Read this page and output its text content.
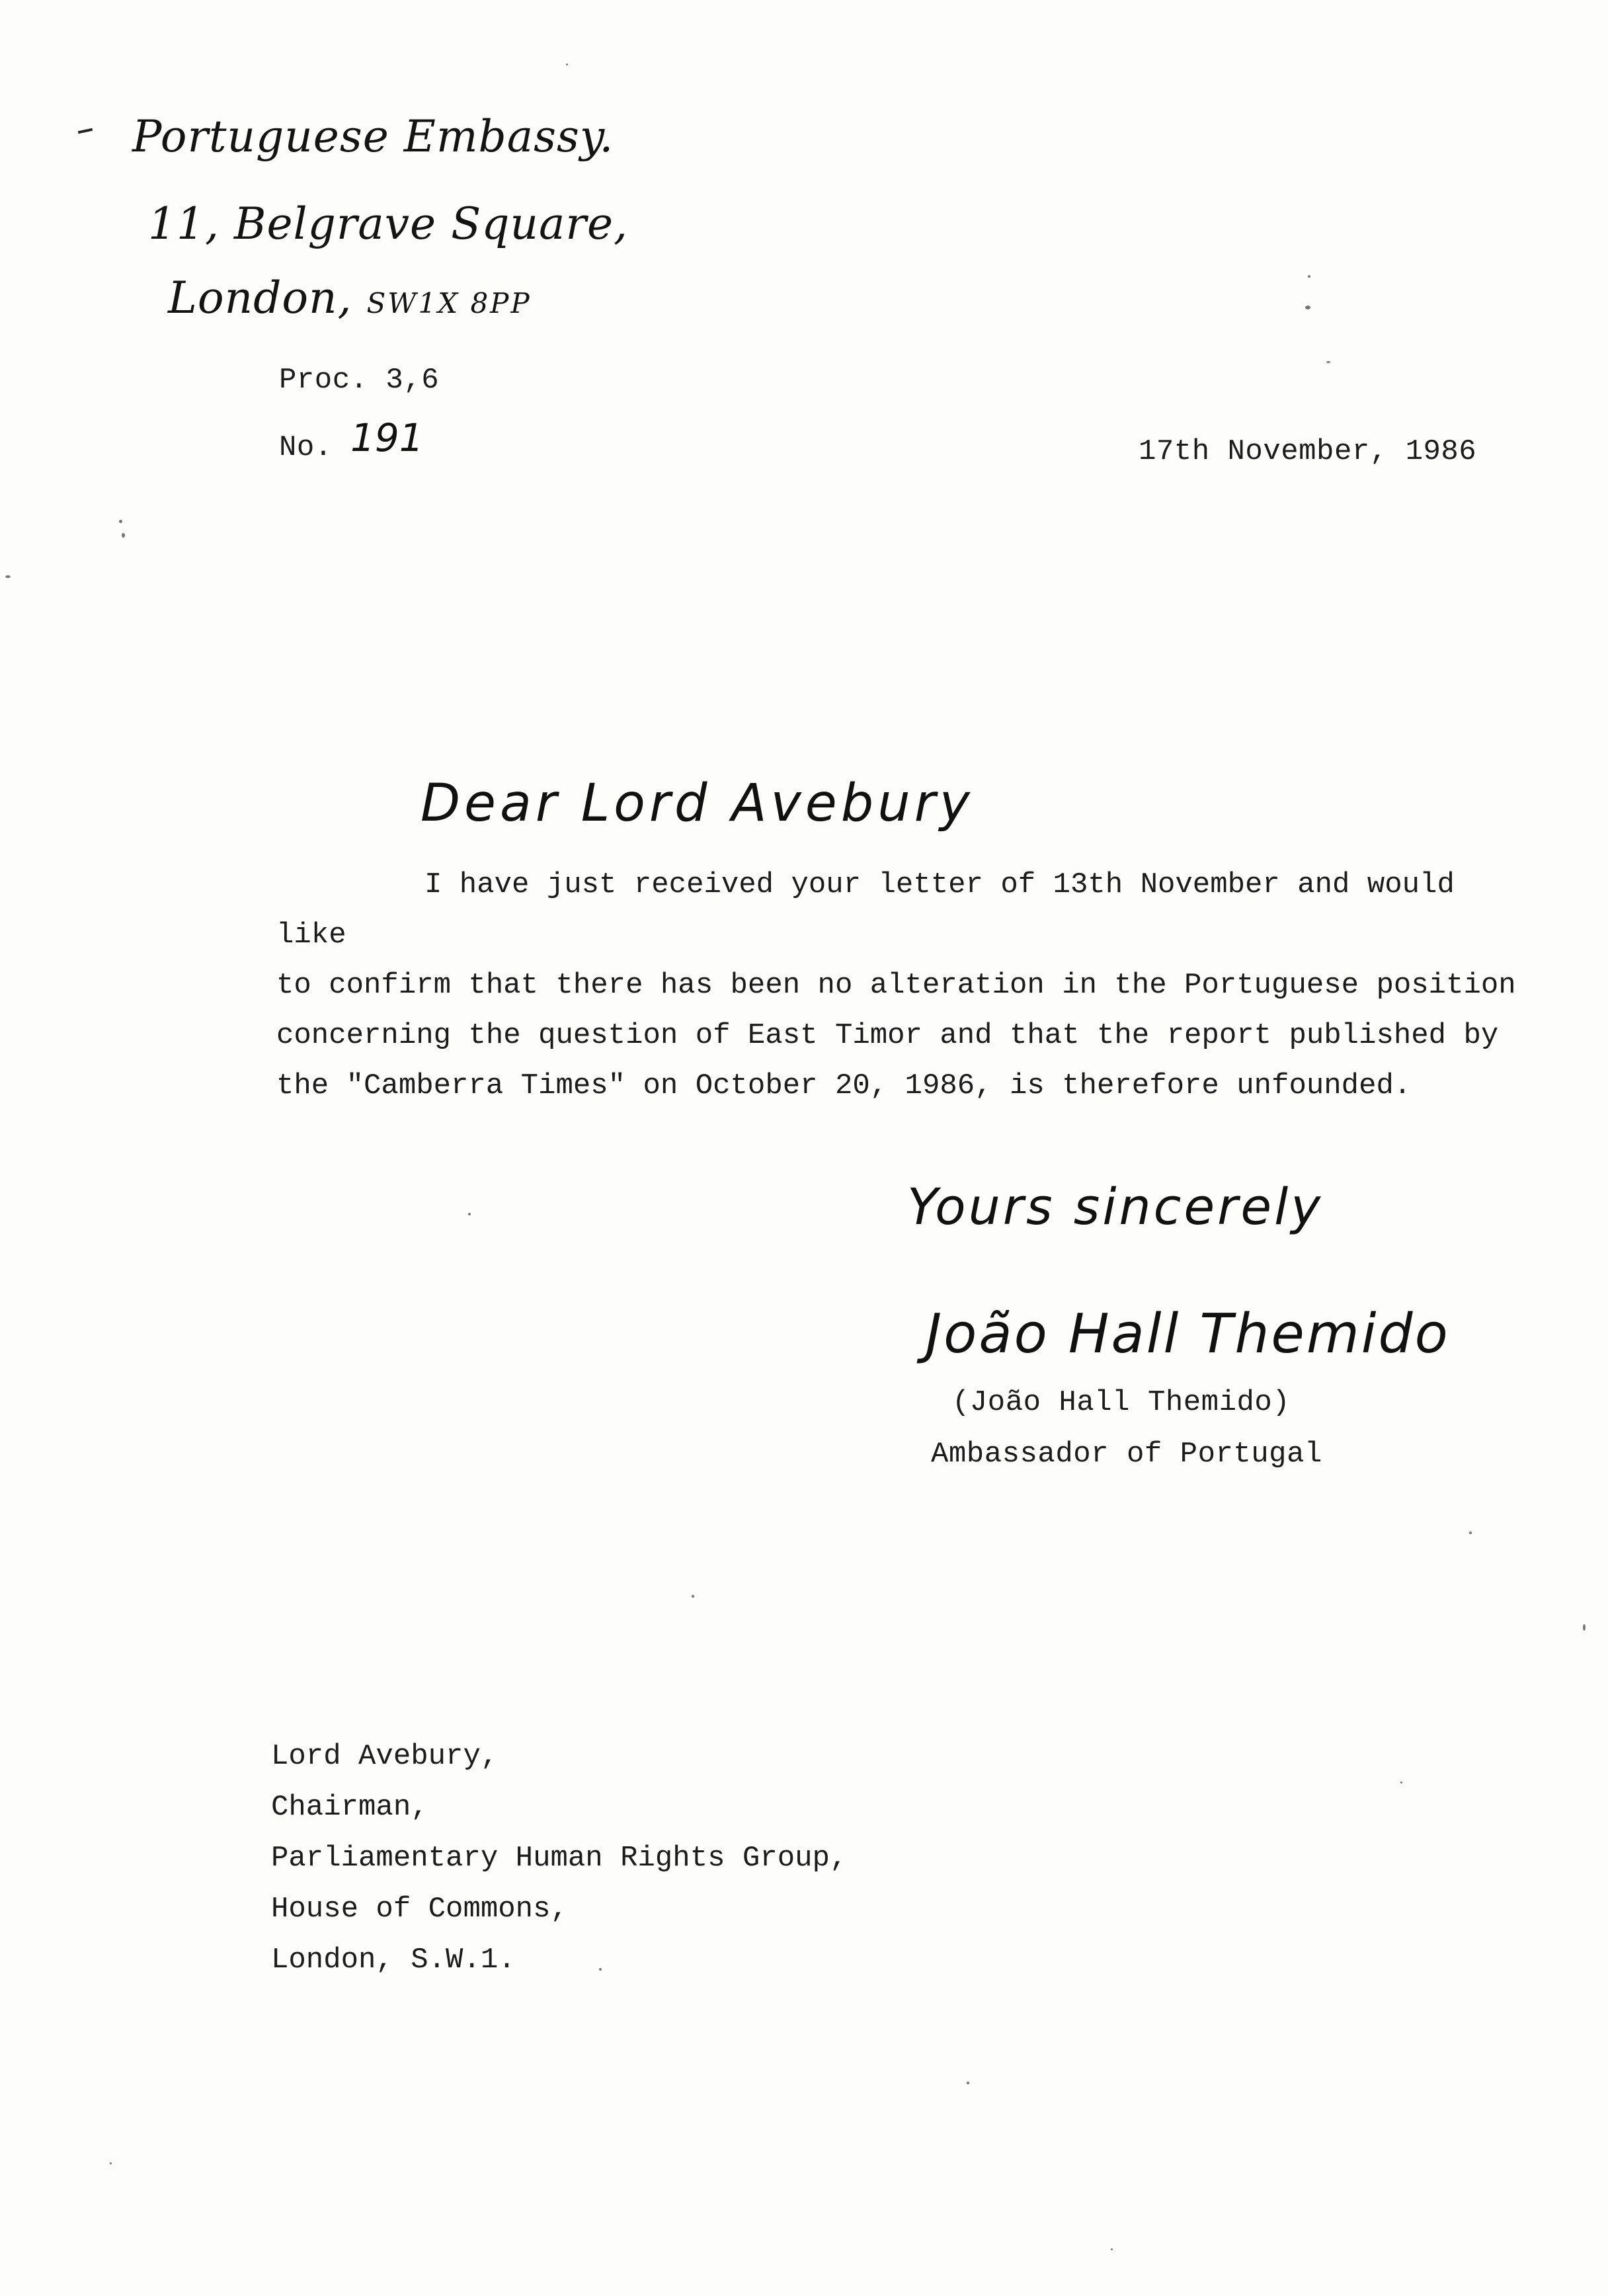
Portuguese Embassy.
11, Belgrave Square,
London, SW1X 8PP
Proc. 3,6
No. 191	17th November, 1986
Dear Lord Avebury

I have just received your letter of 13th November and would like

to confirm that there has been no alteration in the Portuguese position

concerning the question of East Timor and that the report published by

the "Camberra Times" on October 20, 1986, is therefore unfounded.

Yours sincerely
João Hall Themido
(João Hall Themido)
Ambassador of Portugal
Lord Avebury,
Chairman,
Parliamentary Human Rights Group,
House of Commons,
London, S.W.1.
